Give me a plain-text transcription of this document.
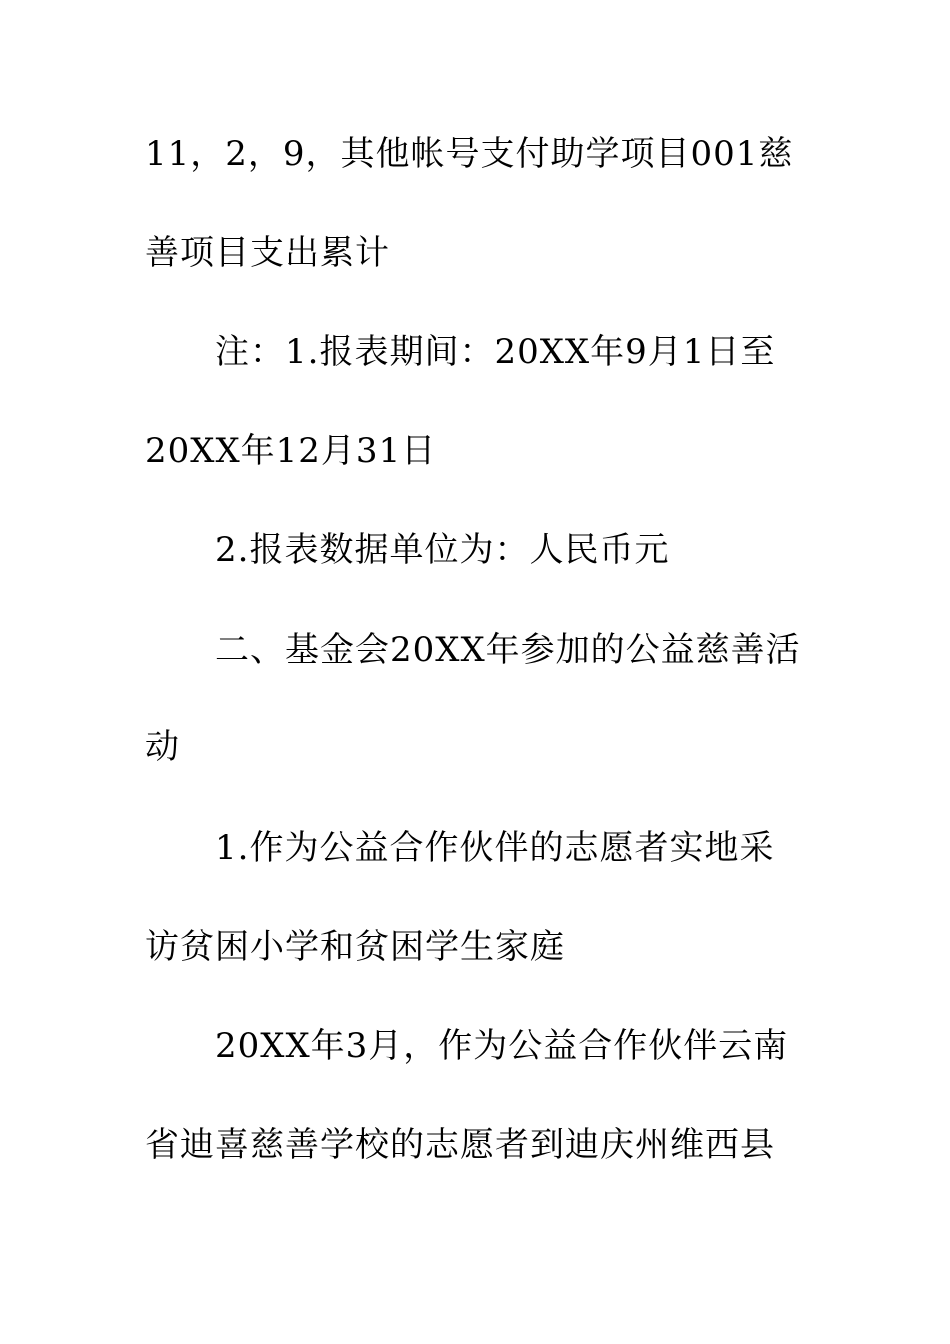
11，2，9，其他帐号支付助学项目001慈
善项目支出累计
注：1.报表期间：20XX年9月1日至
20XX年12月31日
2.报表数据单位为：人民币元
二、基金会20XX年参加的公益慈善活
动
1.作为公益合作伙伴的志愿者实地采
访贫困小学和贫困学生家庭
20XX年3月，作为公益合作伙伴云南
省迪喜慈善学校的志愿者到迪庆州维西县
